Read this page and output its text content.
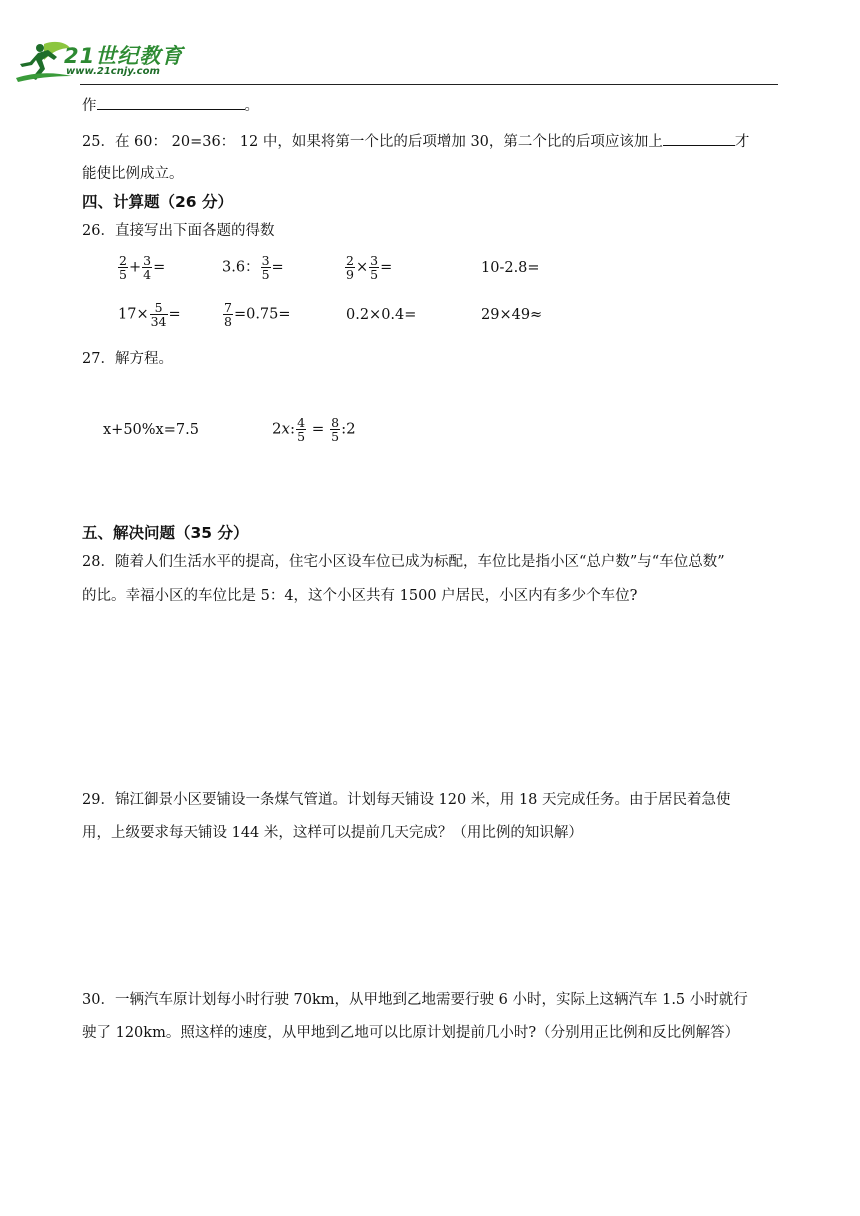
21世纪教育
www.21cnjy.com
作	。
25．在 60： 20=36： 12 中，如果将第一个比的后项增加 30，第二个比的后项应该加上	才
能使比例成立。
四、计算题（26 分）
26．直接写出下面各题的得数
$\frac{2}{5} + \frac{3}{4}$ =	3.6： $\frac{3}{5}$ =	$\frac{2}{9} \times \frac{3}{5}$ =	10-2.8=
$17\times \frac{5}{34}$ =	$\frac{7}{8} =0.75=$	0.2×0.4=	29×49≈
27．解方程。
x+50%x=7.5	2x: $\frac{4}{5} = \frac{8}{5}$ :2
五、解决问题（35 分）
28．随着人们生活水平的提高，住宅小区设车位已成为标配，车位比是指小区“总户数”与“车位总数”
的比。幸福小区的车位比是 5：4，这个小区共有 1500 户居民，小区内有多少个车位?
29．锦江御景小区要铺设一条煤气管道。计划每天铺设 120 米，用 18 天完成任务。由于居民着急使
用，上级要求每天铺设 144 米，这样可以提前几天完成？（用比例的知识解）
30．一辆汽车原计划每小时行驶 70km，从甲地到乙地需要行驶 6 小时，实际上这辆汽车 1.5 小时就行
驶了 120km。照这样的速度，从甲地到乙地可以比原计划提前几小时?（分别用正比例和反比例解答）
